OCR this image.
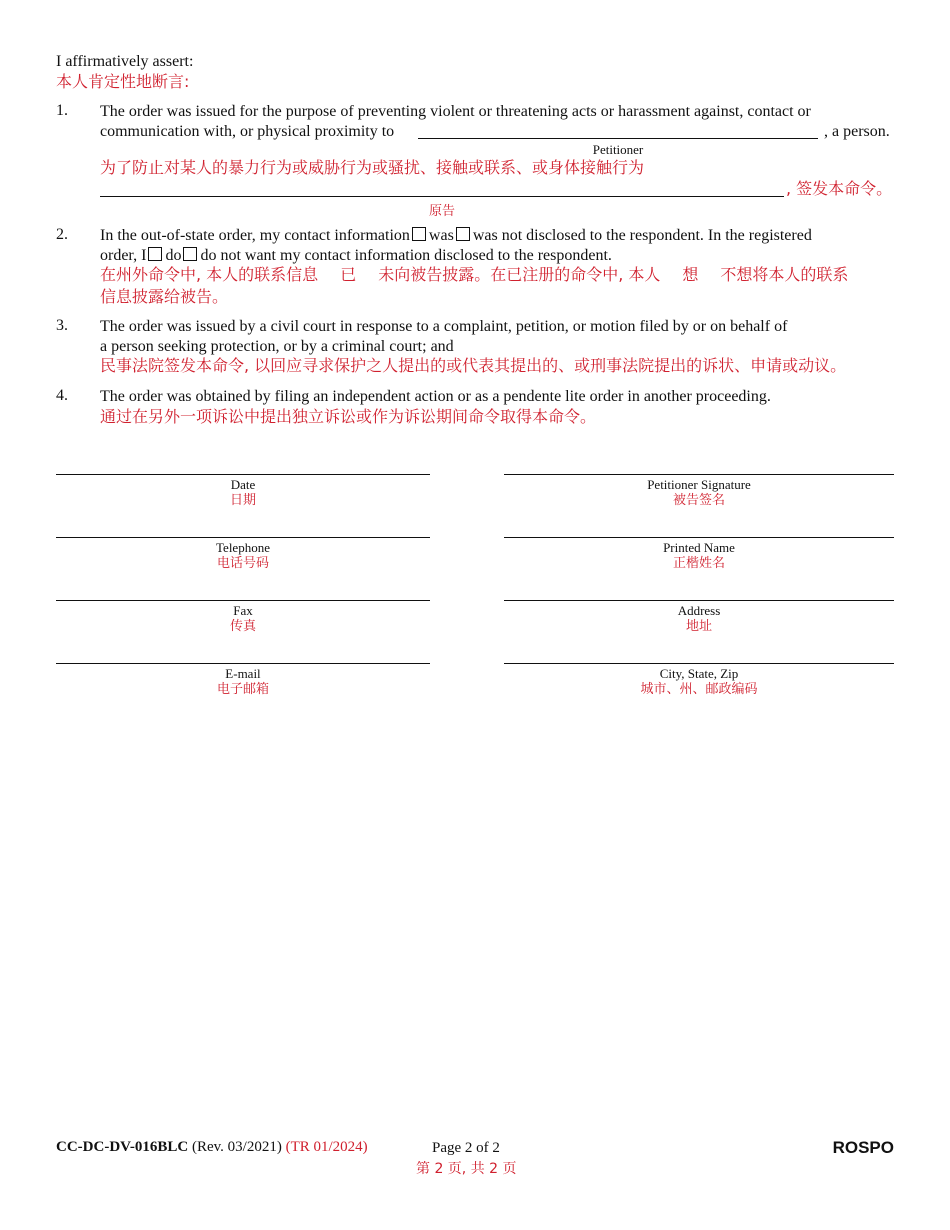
I affirmatively assert:
本人肯定性地断言:
1. The order was issued for the purpose of preventing violent or threatening acts or harassment against, contact or
communication with, or physical proximity to	, a person.
Petitioner
为了防止对某人的暴力行为或威胁行为或骚扰、接触或联系、或身体接触行为
, 签发本命令。
原告
2. In the out-of-state order, my contact information was was not disclosed to the respondent. In the registered
order, I do do not want my contact information disclosed to the respondent.
在州外命令中, 本人的联系信息 已 未向被告披露。在已注册的命令中, 本人 想 不想将本人的联系
信息披露给被告。
3. The order was issued by a civil court in response to a complaint, petition, or motion filed by or on behalf of
a person seeking protection, or by a criminal court; and
民事法院签发本命令, 以回应寻求保护之人提出的或代表其提出的、或刑事法院提出的诉状、申请或动议。
4. The order was obtained by filing an independent action or as a pendente lite order in another proceeding.
通过在另外一项诉讼中提出独立诉讼或作为诉讼期间命令取得本命令。
Date
日期
Telephone
电话号码
Fax
传真
E-mail
电子邮箱
Petitioner Signature
被告签名
Printed Name
正楷姓名
Address
地址
City, State, Zip
城市、州、邮政编码
CC-DC-DV-016BLC (Rev. 03/2021) (TR 01/2024)	Page 2 of 2
第 2 页, 共 2 页
ROSPO
